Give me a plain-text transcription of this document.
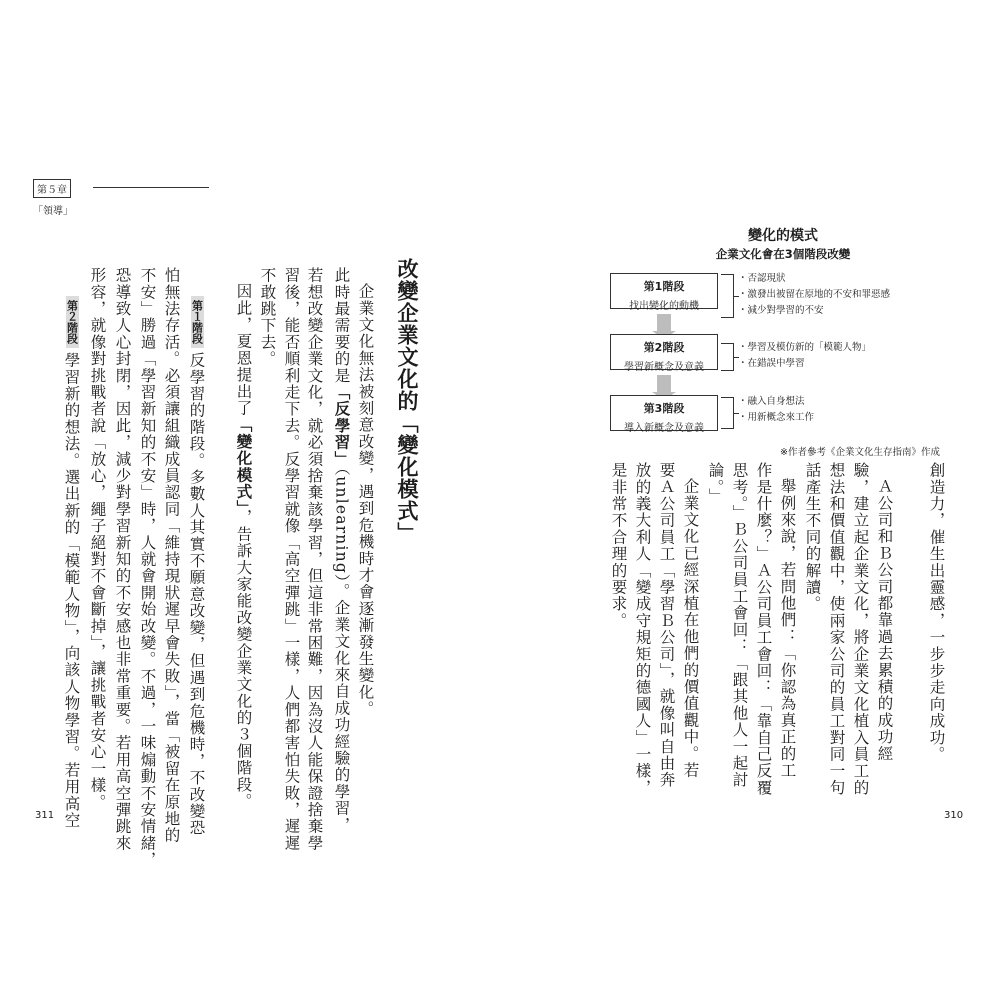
第５章
「領導」
改變企業文化的「變化模式」
企業文化無法被刻意改變，遇到危機時才會逐漸發生變化。
此時最需要的是「反學習」（unlearning）。企業文化來自成功經驗的學習，
若想改變企業文化，就必須捨棄該學習，但這非常困難，因為沒人能保證捨棄學
習後，能否順利走下去。反學習就像「高空彈跳」一樣，人們都害怕失敗，遲遲
不敢跳下去。
因此，夏恩提出了「變化模式」，告訴大家能改變企業文化的３個階段。
第１階段反學習的階段。多數人其實不願意改變，但遇到危機時，不改變恐
怕無法存活。必須讓組織成員認同「維持現狀遲早會失敗」，當「被留在原地的
不安」勝過「學習新知的不安」時，人就會開始改變。不過，一味煽動不安情緒，
恐導致人心封閉，因此，減少對學習新知的不安感也非常重要。若用高空彈跳來
形容，就像對挑戰者說「放心，繩子絕對不會斷掉」，讓挑戰者安心一樣。
第２階段學習新的想法。選出新的「模範人物」，向該人物學習。若用高空
變化的模式
企業文化會在3個階段改變
第1階段
找出變化的動機
第2階段
學習新概念及意義
第3階段
導入新概念及意義
・否認現狀
・激發出被留在原地的不安和罪惡感
・減少對學習的不安
・學習及模仿新的「模範人物」
・在錯誤中學習
・融入自身想法
・用新概念來工作
※作者參考《企業文化生存指南》作成
創造力，催生出靈感，一步步走向成功。
Ａ公司和Ｂ公司都靠過去累積的成功經
驗，建立起企業文化，將企業文化植入員工的
想法和價值觀中，使兩家公司的員工對同一句
話產生不同的解讀。
舉例來說，若問他們：「你認為真正的工
作是什麼？」Ａ公司員工會回：「靠自己反覆
思考。」Ｂ公司員工會回：「跟其他人一起討
論。」
企業文化已經深植在他們的價值觀中。若
要Ａ公司員工「學習Ｂ公司」，就像叫自由奔
放的義大利人「變成守規矩的德國人」一樣，
是非常不合理的要求。
311	310
